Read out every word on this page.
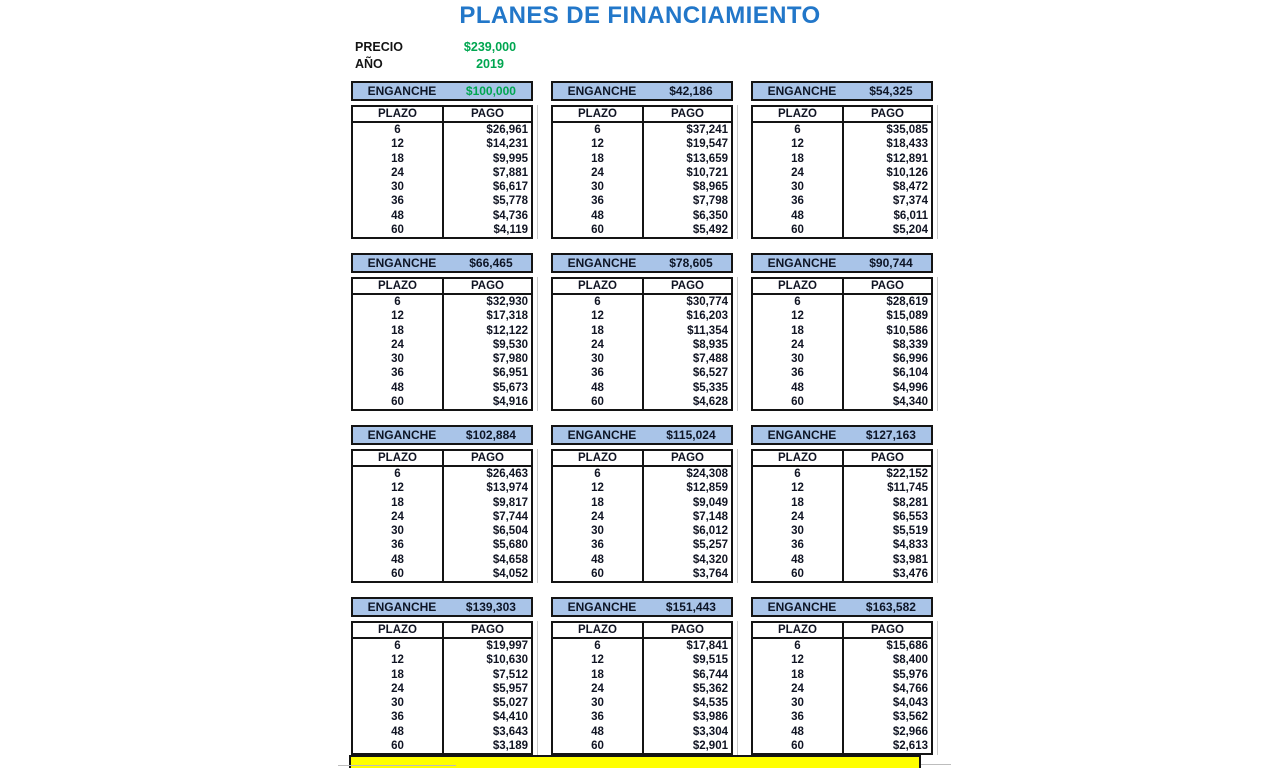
PLANES DE FINANCIAMIENTO
PRECIO	$239,000
AÑO	2019
ENGANCHE	$100,000
PLAZO	PAGO
6	$26,961
12	$14,231
18	$9,995
24	$7,881
30	$6,617
36	$5,778
48	$4,736
60	$4,119
ENGANCHE	$42,186
PLAZO	PAGO
6	$37,241
12	$19,547
18	$13,659
24	$10,721
30	$8,965
36	$7,798
48	$6,350
60	$5,492
ENGANCHE	$54,325
PLAZO	PAGO
6	$35,085
12	$18,433
18	$12,891
24	$10,126
30	$8,472
36	$7,374
48	$6,011
60	$5,204
ENGANCHE	$66,465
PLAZO	PAGO
6	$32,930
12	$17,318
18	$12,122
24	$9,530
30	$7,980
36	$6,951
48	$5,673
60	$4,916
ENGANCHE	$78,605
PLAZO	PAGO
6	$30,774
12	$16,203
18	$11,354
24	$8,935
30	$7,488
36	$6,527
48	$5,335
60	$4,628
ENGANCHE	$90,744
PLAZO	PAGO
6	$28,619
12	$15,089
18	$10,586
24	$8,339
30	$6,996
36	$6,104
48	$4,996
60	$4,340
ENGANCHE	$102,884
PLAZO	PAGO
6	$26,463
12	$13,974
18	$9,817
24	$7,744
30	$6,504
36	$5,680
48	$4,658
60	$4,052
ENGANCHE	$115,024
PLAZO	PAGO
6	$24,308
12	$12,859
18	$9,049
24	$7,148
30	$6,012
36	$5,257
48	$4,320
60	$3,764
ENGANCHE	$127,163
PLAZO	PAGO
6	$22,152
12	$11,745
18	$8,281
24	$6,553
30	$5,519
36	$4,833
48	$3,981
60	$3,476
ENGANCHE	$139,303
PLAZO	PAGO
6	$19,997
12	$10,630
18	$7,512
24	$5,957
30	$5,027
36	$4,410
48	$3,643
60	$3,189
ENGANCHE	$151,443
PLAZO	PAGO
6	$17,841
12	$9,515
18	$6,744
24	$5,362
30	$4,535
36	$3,986
48	$3,304
60	$2,901
ENGANCHE	$163,582
PLAZO	PAGO
6	$15,686
12	$8,400
18	$5,976
24	$4,766
30	$4,043
36	$3,562
48	$2,966
60	$2,613
